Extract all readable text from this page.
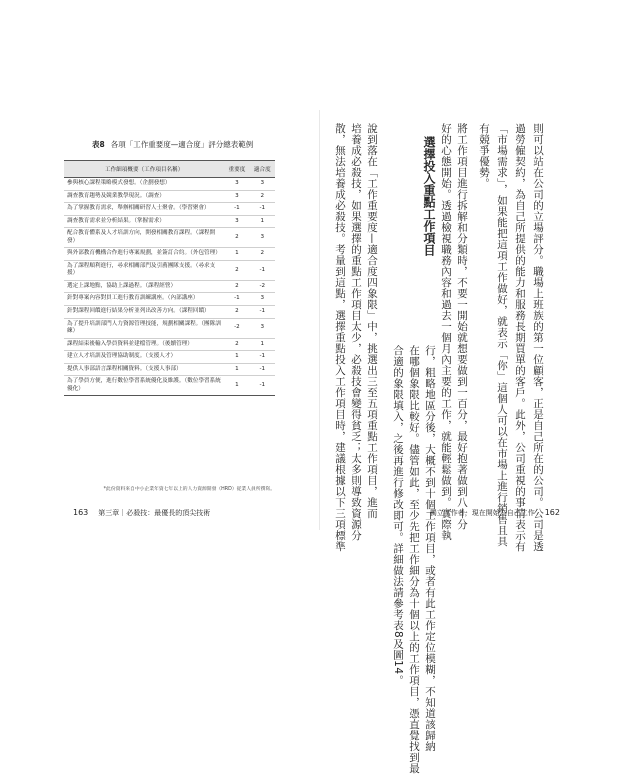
表8 各項「工作重要度—適合度」評分總表範例
工作細項概要（工作項目名稱）	重要度	適合度
參與核心課程策略模式發想。（企劃發想）	3	3
調查教育趨勢及競業教學現況。（調查）	3	2
為了掌握教育需求，舉辦相關研習人士聚會。（學習聚會）	-1	-1
調查教育需求並分析結果。（掌握需求）	3	1
配合教育體系及人才培訓方向，開發相關教育課程。（課程開發）	2	3
與外部教育機構合作進行專案規劃，並簽訂合約。（外包管理）	1	2
為了課程順利進行，尋求相關部門及引薦團隊支援。（尋求支援）	2	-1
選定上課地點，協助上課過程。（課程經營）	2	-2
針對專案內容對員工進行教育訓練講座。（內部講座）	-1	3
針對課程回饋進行結果分析並列出改善方向。（課程回饋）	2	-1
為了提升培訓部門人力資源管理技能，規劃相關課程。（團隊訓練）	-2	3
課程結束後輸入學員資料並建檔管理。（後續管理）	2	1
建立人才培訓及管理協助制度。（支援人才）	1	-1
提供人事部語言課程相關資料。（支援人事部）	1	-1
為了學員方便，進行數位學習系統優化及維護。（數位學習系統優化）	1	-1
*此份資料來自中小企業年資七年以上的人力資源開發（HRD）從業人員所撰寫。
163 第三章｜必殺技：最優長的頂尖技術	則可以站在公司的立場評分。職場上班族的第一位顧客，正是自己所在的公司。公司是透
過勞僱契約，為自己所提供的能力和服務長期買單的客戶。此外，公司重視的事情表示有
「市場需求」，如果能把這項工作做好，就表示「你」這個人可以在市場上進行銷售且具
有競爭優勢。
將工作項目進行拆解和分類時，不要一開始就想要做到一百分，最好抱著做到八十分
好的心態開始。透過檢視職務內容和過去一個月內主要的工作，就能輕鬆做到。實際執
行，粗略地區分後，大概不到十個工作項目，或者有此工作定位模糊，不知道該歸納
在哪個象限比較好。儘管如此，至少先把工作細分為十個以上的工作項目，憑直覺找到最
合適的象限填入，之後再進行修改即可。詳細做法請參考表8及圖14。
選擇投入重點工作項目
說到落在「工作重要度—適合度四象限」中，挑選出三至五項重點工作項目，進而
培養成必殺技，如果選擇的重點工作項目太少，必殺技會變得貧乏；太多則導致資源分
散，無法培養成必殺技。考量到這點，選擇重點投入工作項目時，建議根據以下三項標準	獨立工作者，現在開始為自己工作 162
